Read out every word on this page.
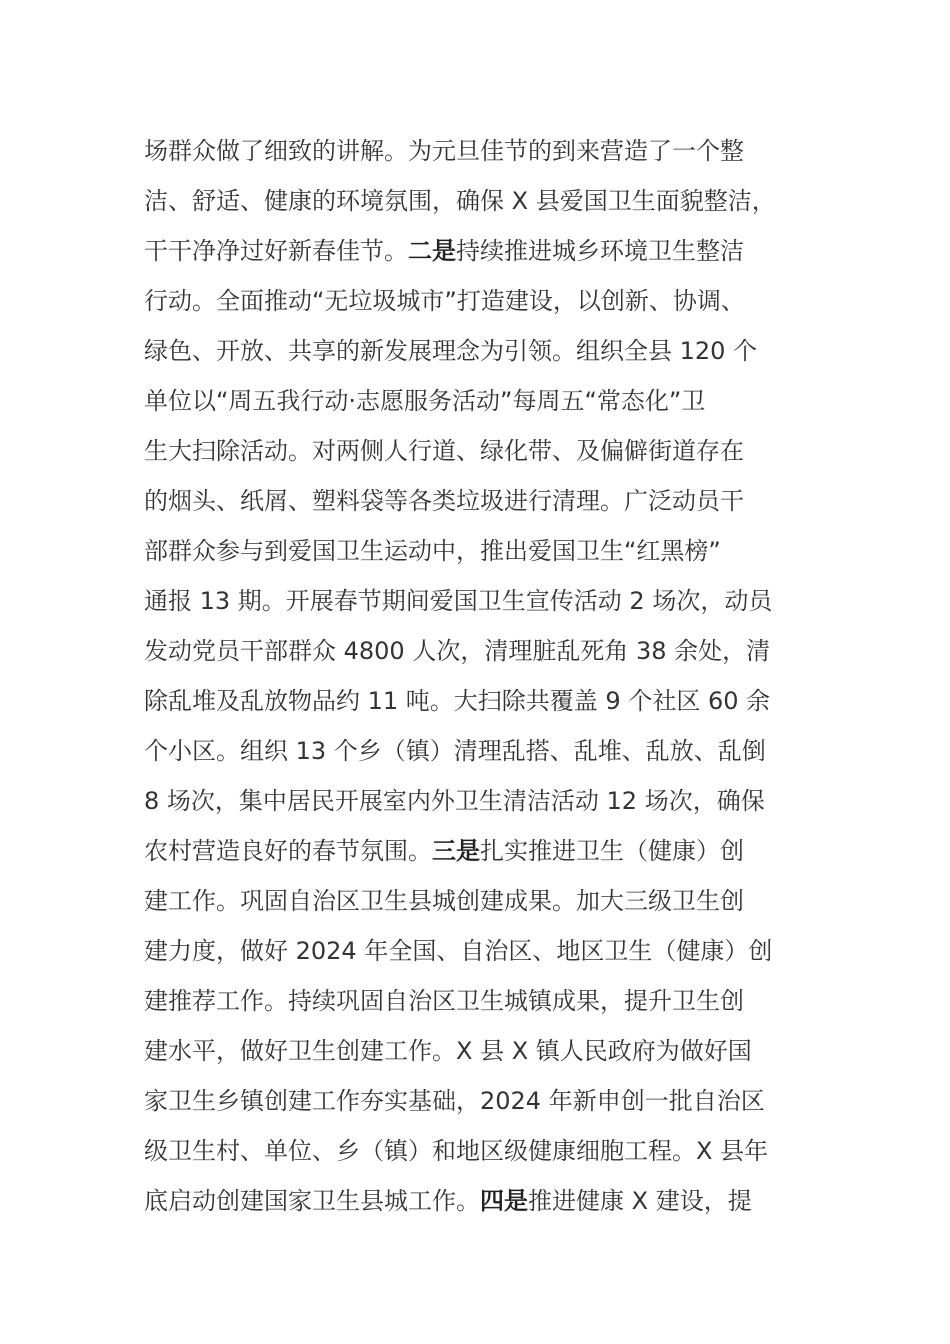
场群众做了细致的讲解。为元旦佳节的到来营造了一个整
洁、舒适、健康的环境氛围，确保 X 县爱国卫生面貌整洁，
干干净净过好新春佳节。二是持续推进城乡环境卫生整洁
行动。全面推动“无垃圾城市”打造建设，以创新、协调、
绿色、开放、共享的新发展理念为引领。组织全县 120 个
单位以“周五我行动·志愿服务活动”每周五“常态化”卫
生大扫除活动。对两侧人行道、绿化带、及偏僻街道存在
的烟头、纸屑、塑料袋等各类垃圾进行清理。广泛动员干
部群众参与到爱国卫生运动中，推出爱国卫生“红黑榜”
通报 13 期。开展春节期间爱国卫生宣传活动 2 场次，动员
发动党员干部群众 4800 人次，清理脏乱死角 38 余处，清
除乱堆及乱放物品约 11 吨。大扫除共覆盖 9 个社区 60 余
个小区。组织 13 个乡（镇）清理乱搭、乱堆、乱放、乱倒
8 场次，集中居民开展室内外卫生清洁活动 12 场次，确保
农村营造良好的春节氛围。三是扎实推进卫生（健康）创
建工作。巩固自治区卫生县城创建成果。加大三级卫生创
建力度，做好 2024 年全国、自治区、地区卫生（健康）创
建推荐工作。持续巩固自治区卫生城镇成果，提升卫生创
建水平，做好卫生创建工作。X 县 X 镇人民政府为做好国
家卫生乡镇创建工作夯实基础，2024 年新申创一批自治区
级卫生村、单位、乡（镇）和地区级健康细胞工程。X 县年
底启动创建国家卫生县城工作。四是推进健康 X 建设，提
